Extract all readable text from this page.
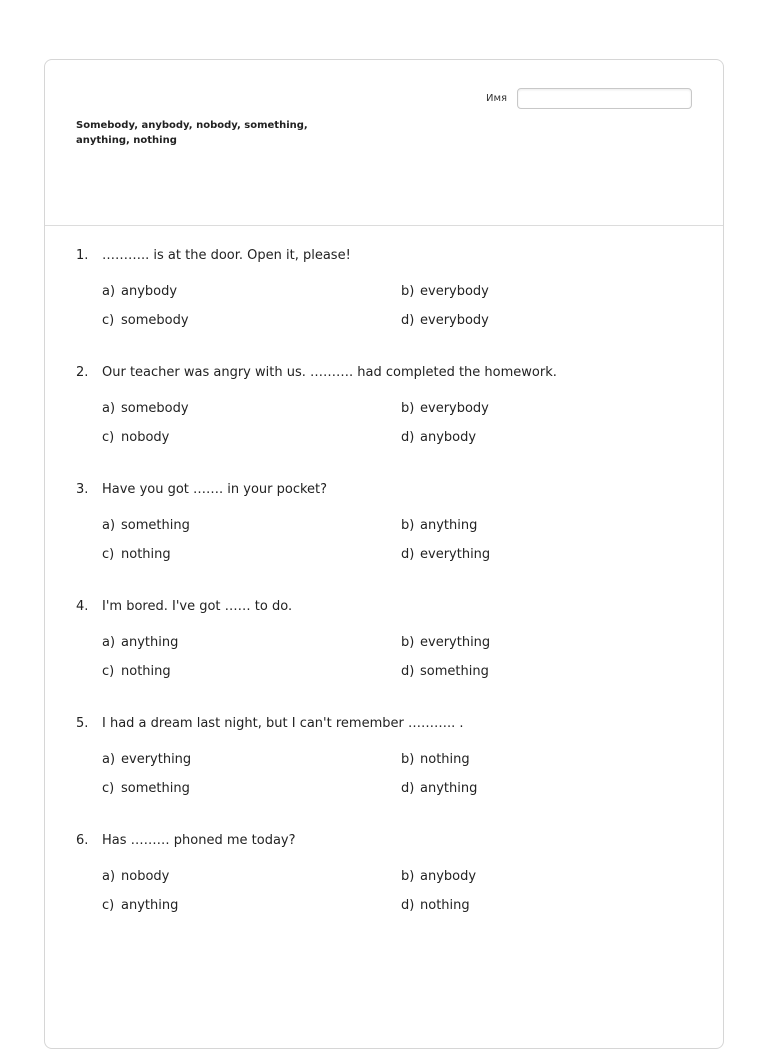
Имя
Somebody, anybody, nobody, something, anything, nothing
1. ……….. is at the door. Open it, please!
a) anybody	b) everybody
c) somebody	d) everybody
2. Our teacher was angry with us. ………. had completed the homework.
a) somebody	b) everybody
c) nobody	d) anybody
3. Have you got ……. in your pocket?
a) something	b) anything
c) nothing	d) everything
4. I'm bored. I've got …… to do.
a) anything	b) everything
c) nothing	d) something
5. I had a dream last night, but I can't remember ……….. .
a) everything	b) nothing
c) something	d) anything
6. Has ……… phoned me today?
a) nobody	b) anybody
c) anything	d) nothing
